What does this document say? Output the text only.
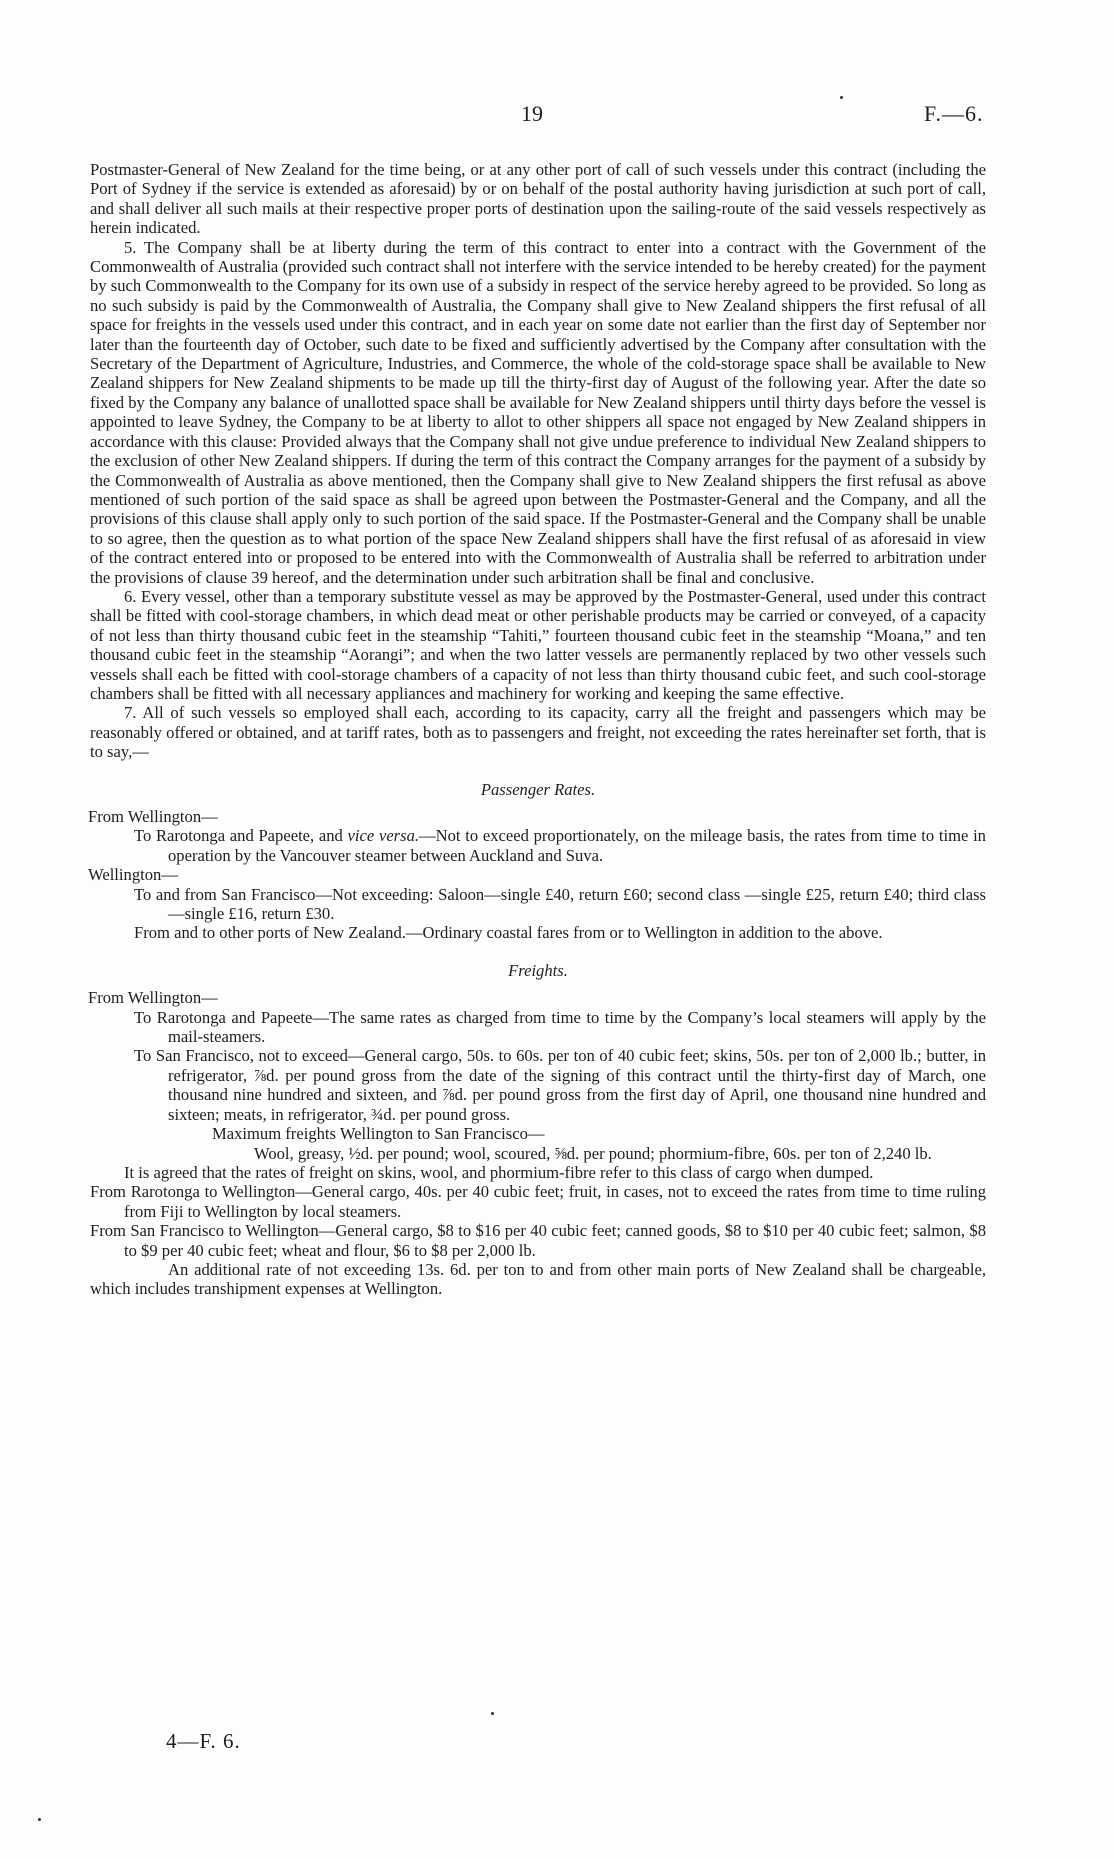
19	F.—6.

Postmaster-General of New Zealand for the time being, or at any other port of call of such vessels under this contract (including the Port of Sydney if the service is extended as aforesaid) by or on behalf of the postal authority having jurisdiction at such port of call, and shall deliver all such mails at their respective proper ports of destination upon the sailing-route of the said vessels respectively as herein indicated.

5. The Company shall be at liberty during the term of this contract to enter into a contract with the Government of the Commonwealth of Australia (provided such contract shall not interfere with the service intended to be hereby created) for the payment by such Commonwealth to the Company for its own use of a subsidy in respect of the service hereby agreed to be provided. So long as no such subsidy is paid by the Commonwealth of Australia, the Company shall give to New Zealand shippers the first refusal of all space for freights in the vessels used under this contract, and in each year on some date not earlier than the first day of September nor later than the fourteenth day of October, such date to be fixed and sufficiently advertised by the Company after consultation with the Secretary of the Department of Agriculture, Industries, and Commerce, the whole of the cold-storage space shall be available to New Zealand shippers for New Zealand shipments to be made up till the thirty-first day of August of the following year. After the date so fixed by the Company any balance of unallotted space shall be available for New Zealand shippers until thirty days before the vessel is appointed to leave Sydney, the Company to be at liberty to allot to other shippers all space not engaged by New Zealand shippers in accordance with this clause: Provided always that the Company shall not give undue preference to individual New Zealand shippers to the exclusion of other New Zealand shippers. If during the term of this contract the Company arranges for the payment of a subsidy by the Commonwealth of Australia as above mentioned, then the Company shall give to New Zealand shippers the first refusal as above mentioned of such portion of the said space as shall be agreed upon between the Postmaster-General and the Company, and all the provisions of this clause shall apply only to such portion of the said space. If the Postmaster-General and the Company shall be unable to so agree, then the question as to what portion of the space New Zealand shippers shall have the first refusal of as aforesaid in view of the contract entered into or proposed to be entered into with the Commonwealth of Australia shall be referred to arbitration under the provisions of clause 39 hereof, and the determination under such arbitration shall be final and conclusive.

6. Every vessel, other than a temporary substitute vessel as may be approved by the Postmaster-General, used under this contract shall be fitted with cool-storage chambers, in which dead meat or other perishable products may be carried or conveyed, of a capacity of not less than thirty thousand cubic feet in the steamship “Tahiti,” fourteen thousand cubic feet in the steamship “Moana,” and ten thousand cubic feet in the steamship “Aorangi”; and when the two latter vessels are permanently replaced by two other vessels such vessels shall each be fitted with cool-storage chambers of a capacity of not less than thirty thousand cubic feet, and such cool-storage chambers shall be fitted with all necessary appliances and machinery for working and keeping the same effective.

7. All of such vessels so employed shall each, according to its capacity, carry all the freight and passengers which may be reasonably offered or obtained, and at tariff rates, both as to passengers and freight, not exceeding the rates hereinafter set forth, that is to say,—

Passenger Rates.

From Wellington—

To Rarotonga and Papeete, and vice versa.—Not to exceed proportionately, on the mileage basis, the rates from time to time in operation by the Vancouver steamer between Auckland and Suva.

Wellington—

To and from San Francisco—Not exceeding: Saloon—single £40, return £60; second class —single £25, return £40; third class—single £16, return £30.

From and to other ports of New Zealand.—Ordinary coastal fares from or to Wellington in addition to the above.

Freights.

From Wellington—

To Rarotonga and Papeete—The same rates as charged from time to time by the Company’s local steamers will apply by the mail-steamers.

To San Francisco, not to exceed—General cargo, 50s. to 60s. per ton of 40 cubic feet; skins, 50s. per ton of 2,000 lb.; butter, in refrigerator, ⅞d. per pound gross from the date of the signing of this contract until the thirty-first day of March, one thousand nine hundred and sixteen, and ⅞d. per pound gross from the first day of April, one thousand nine hundred and sixteen; meats, in refrigerator, ¾d. per pound gross.

Maximum freights Wellington to San Francisco—

Wool, greasy, ½d. per pound; wool, scoured, ⅝d. per pound; phormium-fibre, 60s. per ton of 2,240 lb.

It is agreed that the rates of freight on skins, wool, and phormium-fibre refer to this class of cargo when dumped.

From Rarotonga to Wellington—General cargo, 40s. per 40 cubic feet; fruit, in cases, not to exceed the rates from time to time ruling from Fiji to Wellington by local steamers.

From San Francisco to Wellington—General cargo, $8 to $16 per 40 cubic feet; canned goods, $8 to $10 per 40 cubic feet; salmon, $8 to $9 per 40 cubic feet; wheat and flour, $6 to $8 per 2,000 lb.

An additional rate of not exceeding 13s. 6d. per ton to and from other main ports of New Zealand shall be chargeable, which includes transhipment expenses at Wellington.

4—F. 6.
